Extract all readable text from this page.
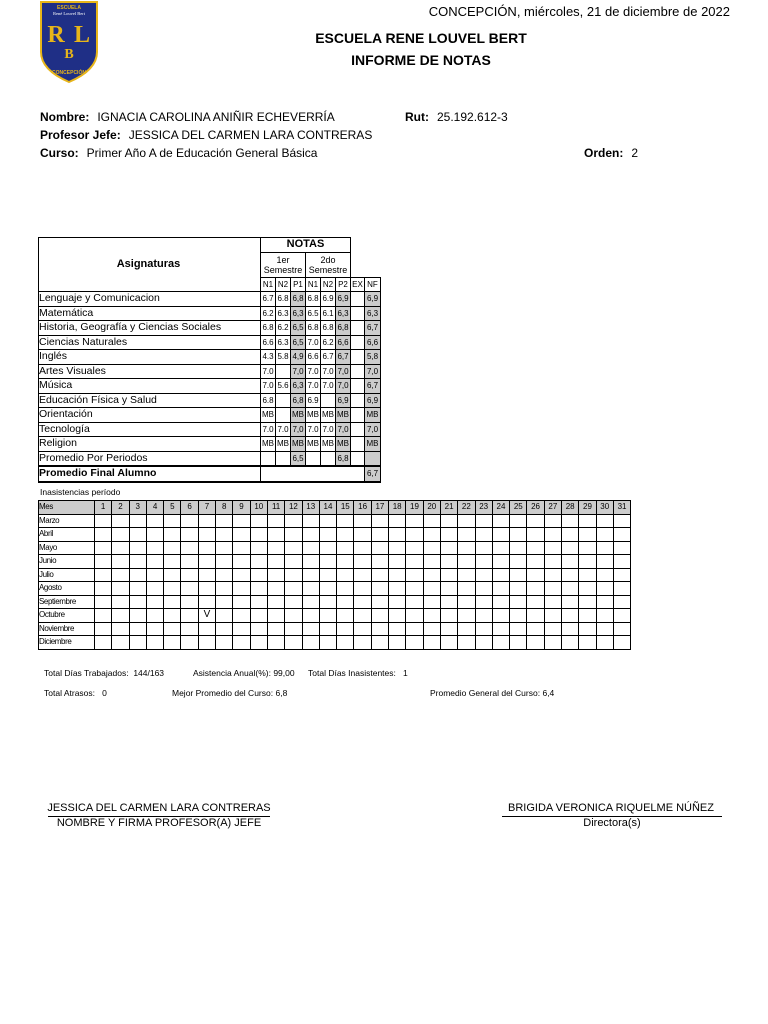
CONCEPCIÓN, miércoles, 21 de diciembre de 2022
ESCUELA
René Louvel Bert
R L
B
CONCEPCIÓN
ESCUELA RENE LOUVEL BERT
INFORME DE NOTAS
Nombre: IGNACIA CAROLINA ANIÑIR ECHEVERRÍA	Rut: 25.192.612-3
Profesor Jefe: JESSICA DEL CARMEN LARA CONTRERAS
Curso: Primer Año A de Educación General Básica	Orden: 2
Asignaturas	NOTAS							
	1er Semestre			2do Semestre				
	N1	N2	P1	N1	N2	P2	EX	NF
Lenguaje y Comunicacion	6.7	6.8	6,8	6.8	6.9	6,9		6,9
Matemática	6.2	6.3	6,3	6.5	6.1	6,3		6,3
Historia, Geografía y Ciencias Sociales	6.8	6.2	6,5	6.8	6.8	6,8		6,7
Ciencias Naturales	6.6	6.3	6,5	7.0	6.2	6,6		6,6
Inglés	4.3	5.8	4,9	6.6	6.7	6,7		5,8
Artes Visuales	7.0		7,0	7.0	7.0	7,0		7,0
Música	7.0	5.6	6,3	7.0	7.0	7,0		6,7
Educación Física y Salud	6.8		6,8	6.9		6,9		6,9
Orientación	MB		MB	MB	MB	MB		MB
Tecnología	7.0	7.0	7,0	7.0	7.0	7,0		7,0
Religion	MB	MB	MB	MB	MB	MB		MB
Promedio Por Periodos			6,5			6,8		
Promedio Final Alumno								6,7
Inasistencias período
Mes	1	2	3	4	5	6	7	8	9	10	11	12	13	14	15	16	17	18	19	20	21	22	23	24	25	26	27	28	29	30	31
Marzo																															
Abril																															
Mayo																															
Junio																															
Julio																															
Agosto																															
Septiembre																															
Octubre							V																								
Noviembre																															
Diciembre																															
Total Días Trabajados: 144/163	Asistencia Anual(%): 99,00 Total Días Inasistentes: 1
Total Atrasos: 0	Mejor Promedio del Curso: 6,8	Promedio General del Curso: 6,4
JESSICA DEL CARMEN LARA CONTRERAS
NOMBRE Y FIRMA PROFESOR(A) JEFE
BRIGIDA VERONICA RIQUELME NÚÑEZ
Directora(s)
